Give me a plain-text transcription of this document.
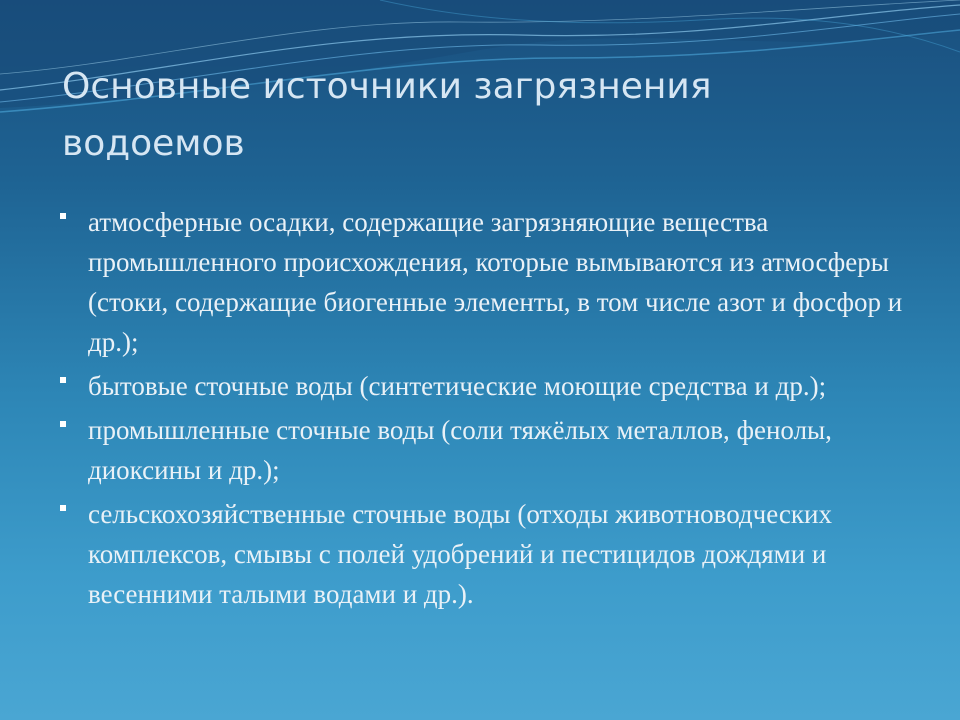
Основные источники загрязнения водоемов
атмосферные осадки, содержащие загрязняющие вещества промышленного происхождения, которые вымываются из атмосферы (стоки, содержащие биогенные элементы, в том числе азот и фосфор и др.);
бытовые сточные воды (синтетические моющие средства и др.);
промышленные сточные воды (соли тяжёлых металлов, фенолы, диоксины и др.);
сельскохозяйственные сточные воды (отходы животноводческих комплексов, смывы с полей удобрений и пестицидов дождями и весенними талыми водами и др.).
